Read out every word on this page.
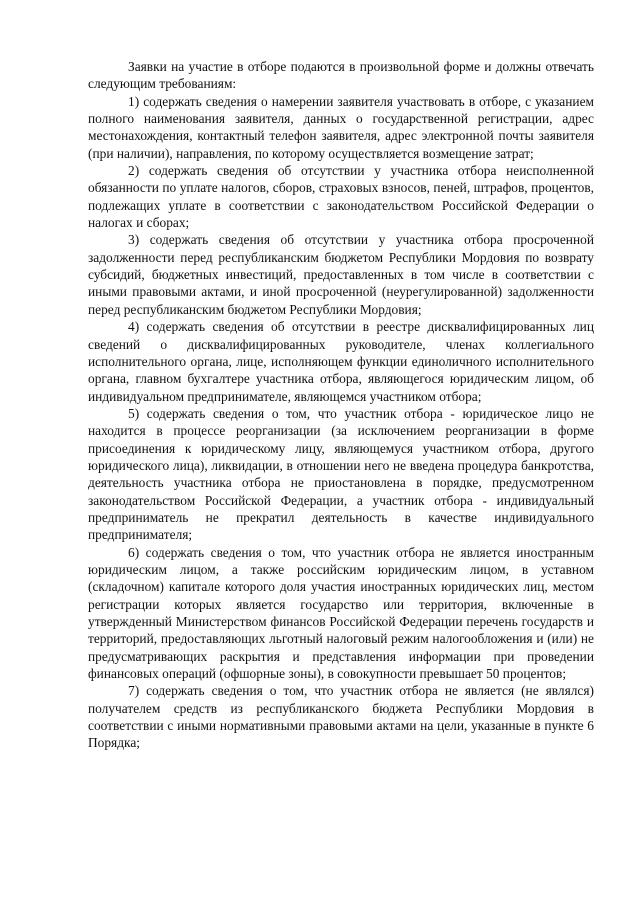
Заявки на участие в отборе подаются в произвольной форме и должны отвечать следующим требованиям:

1) содержать сведения о намерении заявителя участвовать в отборе, с указанием полного наименования заявителя, данных о государственной регистрации, адрес местонахождения, контактный телефон заявителя, адрес электронной почты заявителя (при наличии), направления, по которому осуществляется возмещение затрат;

2) содержать сведения об отсутствии у участника отбора неисполненной обязанности по уплате налогов, сборов, страховых взносов, пеней, штрафов, процентов, подлежащих уплате в соответствии с законодательством Российской Федерации о налогах и сборах;

3) содержать сведения об отсутствии у участника отбора просроченной задолженности перед республиканским бюджетом Республики Мордовия по возврату субсидий, бюджетных инвестиций, предоставленных в том числе в соответствии с иными правовыми актами, и иной просроченной (неурегулированной) задолженности перед республиканским бюджетом Республики Мордовия;

4) содержать сведения об отсутствии в реестре дисквалифицированных лиц сведений о дисквалифицированных руководителе, членах коллегиального исполнительного органа, лице, исполняющем функции единоличного исполнительного органа, главном бухгалтере участника отбора, являющегося юридическим лицом, об индивидуальном предпринимателе, являющемся участником отбора;

5) содержать сведения о том, что участник отбора - юридическое лицо не находится в процессе реорганизации (за исключением реорганизации в форме присоединения к юридическому лицу, являющемуся участником отбора, другого юридического лица), ликвидации, в отношении него не введена процедура банкротства, деятельность участника отбора не приостановлена в порядке, предусмотренном законодательством Российской Федерации, а участник отбора - индивидуальный предприниматель не прекратил деятельность в качестве индивидуального предпринимателя;

6) содержать сведения о том, что участник отбора не является иностранным юридическим лицом, а также российским юридическим лицом, в уставном (складочном) капитале которого доля участия иностранных юридических лиц, местом регистрации которых является государство или территория, включенные в утвержденный Министерством финансов Российской Федерации перечень государств и территорий, предоставляющих льготный налоговый режим налогообложения и (или) не предусматривающих раскрытия и представления информации при проведении финансовых операций (офшорные зоны), в совокупности превышает 50 процентов;

7) содержать сведения о том, что участник отбора не является (не являлся) получателем средств из республиканского бюджета Республики Мордовия в соответствии с иными нормативными правовыми актами на цели, указанные в пункте 6 Порядка;
